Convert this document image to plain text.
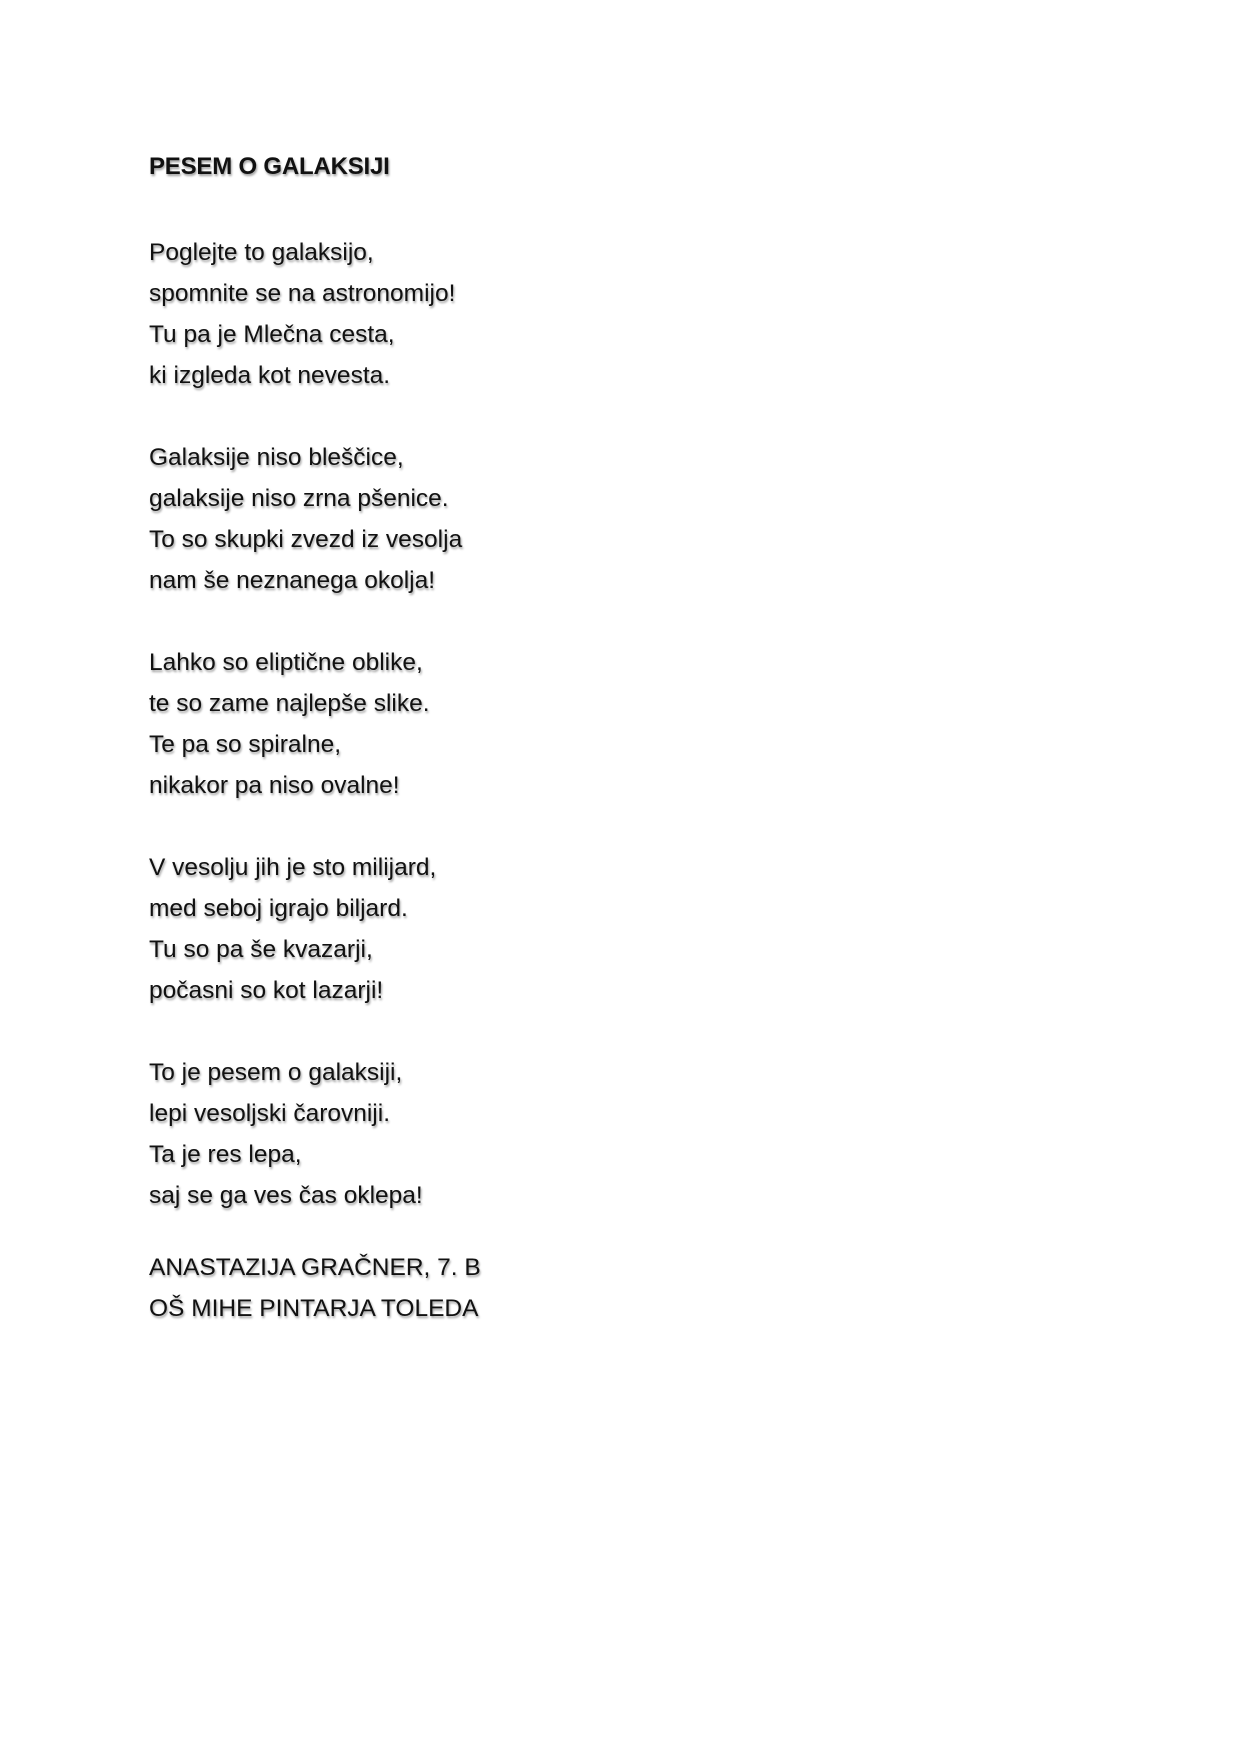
PESEM O GALAKSIJI
Poglejte to galaksijo,
spomnite se na astronomijo!
Tu pa je Mlečna cesta,
ki izgleda kot nevesta.
Galaksije niso bleščice,
galaksije niso zrna pšenice.
To so skupki zvezd iz vesolja
nam še neznanega okolja!
Lahko so eliptične oblike,
te so zame najlepše slike.
Te pa so spiralne,
nikakor pa niso ovalne!
V vesolju jih je sto milijard,
med seboj igrajo biljard.
Tu so pa še kvazarji,
počasni so kot lazarji!
To je pesem o galaksiji,
lepi vesoljski čarovniji.
Ta je res lepa,
saj se ga ves čas oklepa!
ANASTAZIJA GRAČNER, 7. B
OŠ MIHE PINTARJA TOLEDA
